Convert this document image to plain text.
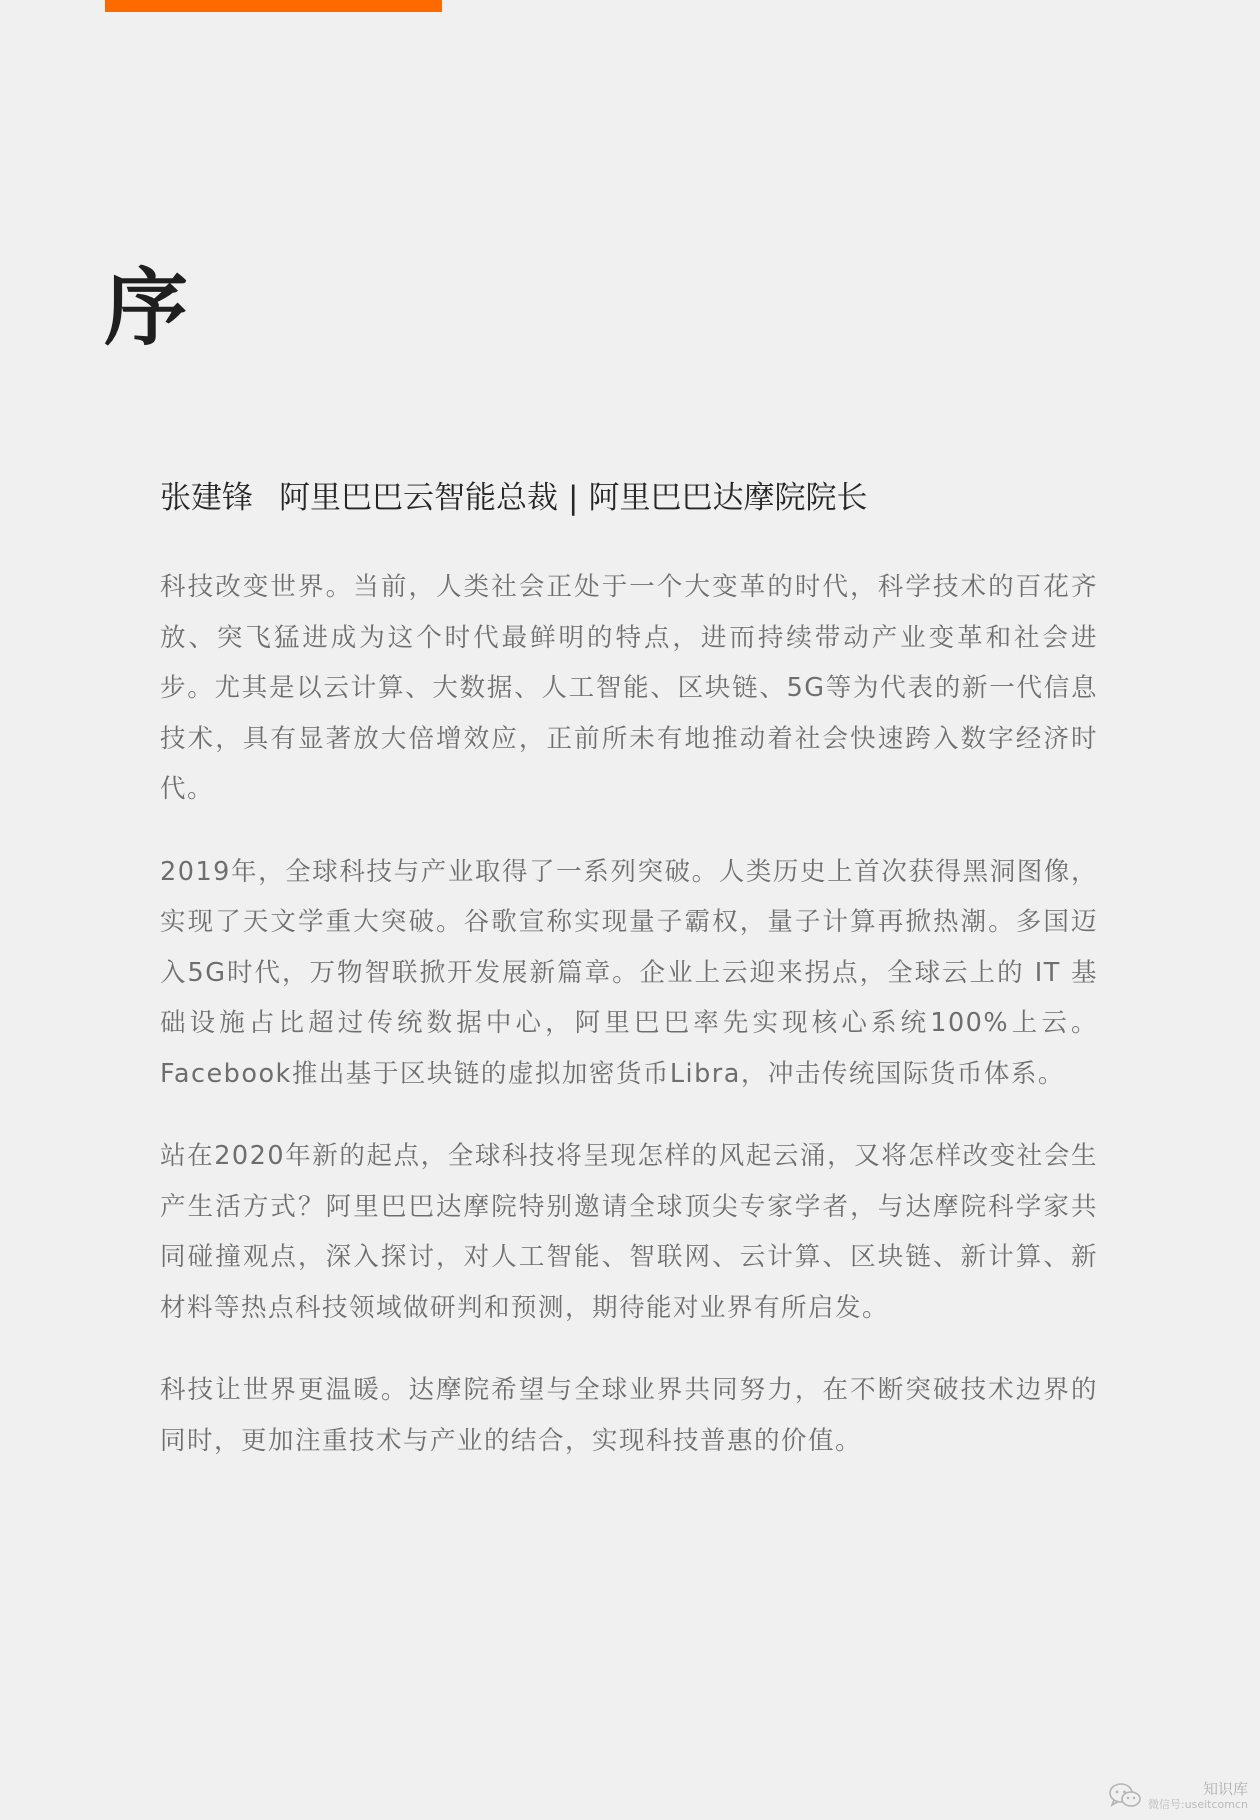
序
张建锋 阿里巴巴云智能总裁 | 阿里巴巴达摩院院长

科技改变世界。当前，人类社会正处于一个大变革的时代，科学技术的百花齐放、突飞猛进成为这个时代最鲜明的特点，进而持续带动产业变革和社会进步。尤其是以云计算、大数据、人工智能、区块链、5G等为代表的新一代信息技术，具有显著放大倍增效应，正前所未有地推动着社会快速跨入数字经济时代。

2019年，全球科技与产业取得了一系列突破。人类历史上首次获得黑洞图像，实现了天文学重大突破。谷歌宣称实现量子霸权，量子计算再掀热潮。多国迈入5G时代，万物智联掀开发展新篇章。企业上云迎来拐点，全球云上的 IT 基础设施占比超过传统数据中心，阿里巴巴率先实现核心系统100%上云。Facebook推出基于区块链的虚拟加密货币Libra，冲击传统国际货币体系。

站在2020年新的起点，全球科技将呈现怎样的风起云涌，又将怎样改变社会生产生活方式？阿里巴巴达摩院特别邀请全球顶尖专家学者，与达摩院科学家共同碰撞观点，深入探讨，对人工智能、智联网、云计算、区块链、新计算、新材料等热点科技领域做研判和预测，期待能对业界有所启发。

科技让世界更温暖。达摩院希望与全球业界共同努力，在不断突破技术边界的同时，更加注重技术与产业的结合，实现科技普惠的价值。

知识库
微信号:useitcomcn
